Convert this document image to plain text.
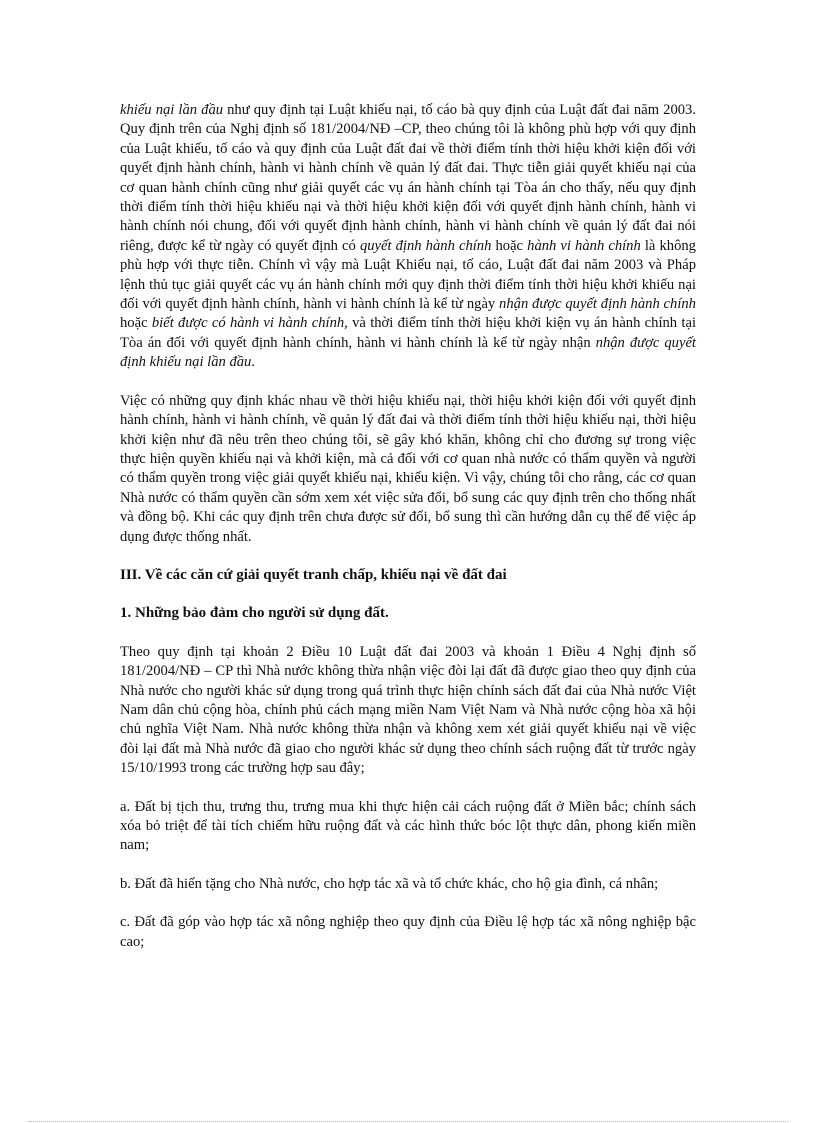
khiếu nại lần đầu như quy định tại Luật khiếu nại, tố cáo bà quy định của Luật đất đai năm 2003. Quy định trên của Nghị định số 181/2004/NĐ –CP, theo chúng tôi là không phù hợp với quy định của Luật khiếu, tố cáo và quy định của Luật đất đai về thời điểm tính thời hiệu khởi kiện đối với quyết định hành chính, hành vi hành chính về quản lý đất đai. Thực tiễn giải quyết khiếu nại của cơ quan hành chính cũng như giải quyết các vụ án hành chính tại Tòa án cho thấy, nếu quy định thời điểm tính thời hiệu khiếu nại và thời hiệu khởi kiện đối với quyết định hành chính, hành vi hành chính nói chung, đối với quyết định hành chính, hành vi hành chính về quản lý đất đai nói riêng, được kể từ ngày có quyết định có quyết định hành chính hoặc hành vi hành chính là không phù hợp với thực tiễn. Chính vì vậy mà Luật Khiếu nại, tố cáo, Luật đất đai năm 2003 và Pháp lệnh thủ tục giải quyết các vụ án hành chính mới quy định thời điểm tính thời hiệu khởi khiếu nại đối với quyết định hành chính, hành vi hành chính là kể từ ngày nhận được quyết định hành chính hoặc biết được có hành vi hành chính, và thời điểm tính thời hiệu khởi kiện vụ án hành chính tại Tòa án đối với quyết định hành chính, hành vi hành chính là kể từ ngày nhận nhận được quyết định khiếu nại lần đầu.

Việc có những quy định khác nhau về thời hiệu khiếu nại, thời hiệu khởi kiện đối với quyết định hành chính, hành vi hành chính, về quản lý đất đai và thời điểm tính thời hiệu khiếu nại, thời hiệu khởi kiện như đã nêu trên theo chúng tôi, sẽ gây khó khăn, không chỉ cho đương sự trong việc thực hiện quyền khiếu nại và khởi kiện, mà cả đối với cơ quan nhà nước có thẩm quyền và người có thẩm quyền trong việc giải quyết khiếu nại, khiếu kiện. Vì vậy, chúng tôi cho rằng, các cơ quan Nhà nước có thẩm quyền cần sớm xem xét việc sửa đổi, bổ sung các quy định trên cho thống nhất và đồng bộ. Khi các quy định trên chưa được sử đổi, bổ sung thì cần hướng dẫn cụ thể để việc áp dụng được thống nhất.

III. Về các căn cứ giải quyết tranh chấp, khiếu nại về đất đai

1. Những bảo đảm cho người sử dụng đất.

Theo quy định tại khoản 2 Điều 10 Luật đất đai 2003 và khoản 1 Điều 4 Nghị định số 181/2004/NĐ – CP thì Nhà nước không thừa nhận việc đòi lại đất đã được giao theo quy định của Nhà nước cho người khác sử dụng trong quá trình thực hiện chính sách đất đai của Nhà nước Việt Nam dân chủ cộng hòa, chính phủ cách mạng miền Nam Việt Nam và Nhà nước cộng hòa xã hội chủ nghĩa Việt Nam. Nhà nước không thừa nhận và không xem xét giải quyết khiếu nại về việc đòi lại đất mà Nhà nước đã giao cho người khác sử dụng theo chính sách ruộng đất từ trước ngày 15/10/1993 trong các trường hợp sau đây;

a. Đất bị tịch thu, trưng thu, trưng mua khi thực hiện cải cách ruộng đất ở Miền bắc; chính sách xóa bỏ triệt để tài tích chiếm hữu ruộng đất và các hình thức bóc lột thực dân, phong kiến miền nam;

b. Đất đã hiến tặng cho Nhà nước, cho hợp tác xã và tổ chức khác, cho hộ gia đình, cá nhân;

c. Đất đã góp vào hợp tác xã nông nghiệp theo quy định của Điều lệ hợp tác xã nông nghiệp bậc cao;
